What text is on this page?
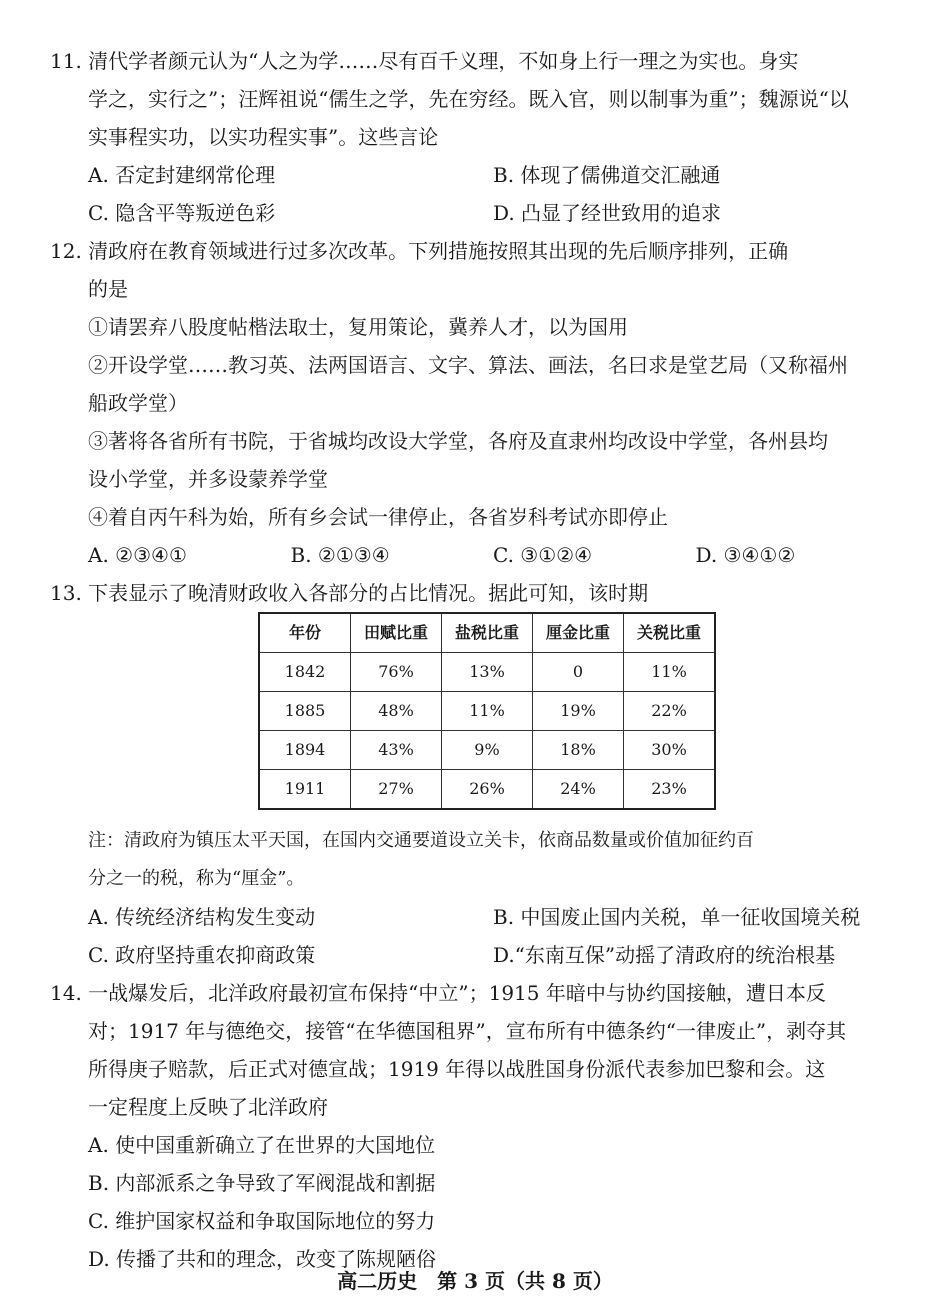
11. 清代学者颜元认为“人之为学……尽有百千义理，不如身上行一理之为实也。身实
学之，实行之”；汪辉祖说“儒生之学，先在穷经。既入官，则以制事为重”；魏源说“以
实事程实功，以实功程实事”。这些言论
A. 否定封建纲常伦理	B. 体现了儒佛道交汇融通
C. 隐含平等叛逆色彩	D. 凸显了经世致用的追求
12. 清政府在教育领域进行过多次改革。下列措施按照其出现的先后顺序排列，正确
的是
①请罢弃八股度帖楷法取士，复用策论，冀养人才，以为国用
②开设学堂……教习英、法两国语言、文字、算法、画法，名曰求是堂艺局（又称福州
船政学堂）
③著将各省所有书院，于省城均改设大学堂，各府及直隶州均改设中学堂，各州县均
设小学堂，并多设蒙养学堂
④着自丙午科为始，所有乡会试一律停止，各省岁科考试亦即停止
A. ②③④①	B. ②①③④	C. ③①②④	D. ③④①②
13. 下表显示了晚清财政收入各部分的占比情况。据此可知，该时期
年份	田赋比重	盐税比重	厘金比重	关税比重
1842	76%	13%	0	11%
1885	48%	11%	19%	22%
1894	43%	9%	18%	30%
1911	27%	26%	24%	23%
注：清政府为镇压太平天国，在国内交通要道设立关卡，依商品数量或价值加征约百
分之一的税，称为“厘金”。
A. 传统经济结构发生变动	B. 中国废止国内关税，单一征收国境关税
C. 政府坚持重农抑商政策	D.“东南互保”动摇了清政府的统治根基
14. 一战爆发后，北洋政府最初宣布保持“中立”；1915 年暗中与协约国接触，遭日本反
对；1917 年与德绝交，接管“在华德国租界”，宣布所有中德条约“一律废止”，剥夺其
所得庚子赔款，后正式对德宣战；1919 年得以战胜国身份派代表参加巴黎和会。这
一定程度上反映了北洋政府
A. 使中国重新确立了在世界的大国地位
B. 内部派系之争导致了军阀混战和割据
C. 维护国家权益和争取国际地位的努力
D. 传播了共和的理念，改变了陈规陋俗
高二历史　第 3 页（共 8 页）
